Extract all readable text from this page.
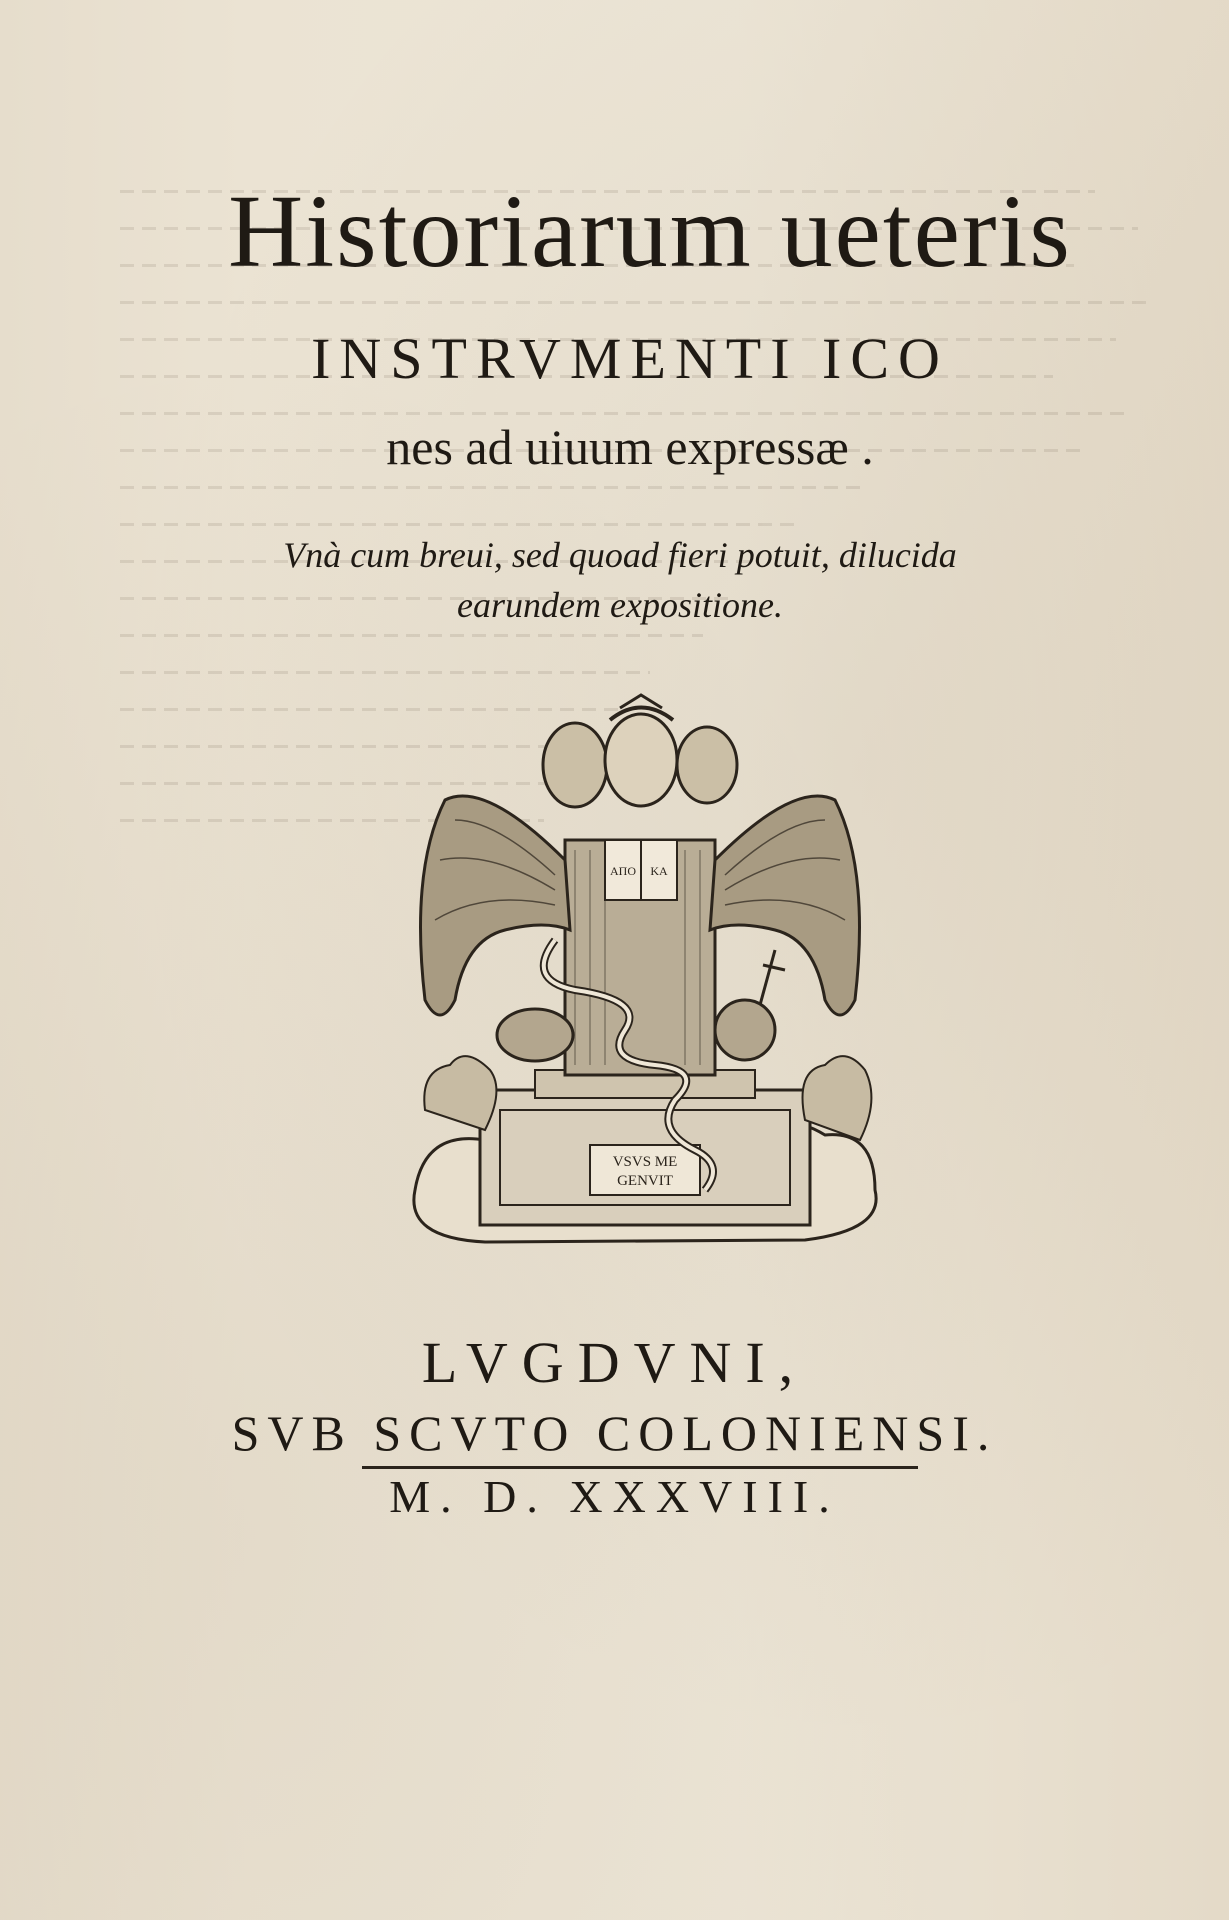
Historiarum ueteris
INSTRVMENTI ICO
nes ad uiuum expressæ .
Vnà cum breui, sed quoad fieri potuit, dilucida
earundem expositione.
VSVS ME
GENVIT
ΑΠΟ ΚΑ
LVGDVNI,
SVB SCVTO COLONIENSI.
M. D. XXXVIII.
